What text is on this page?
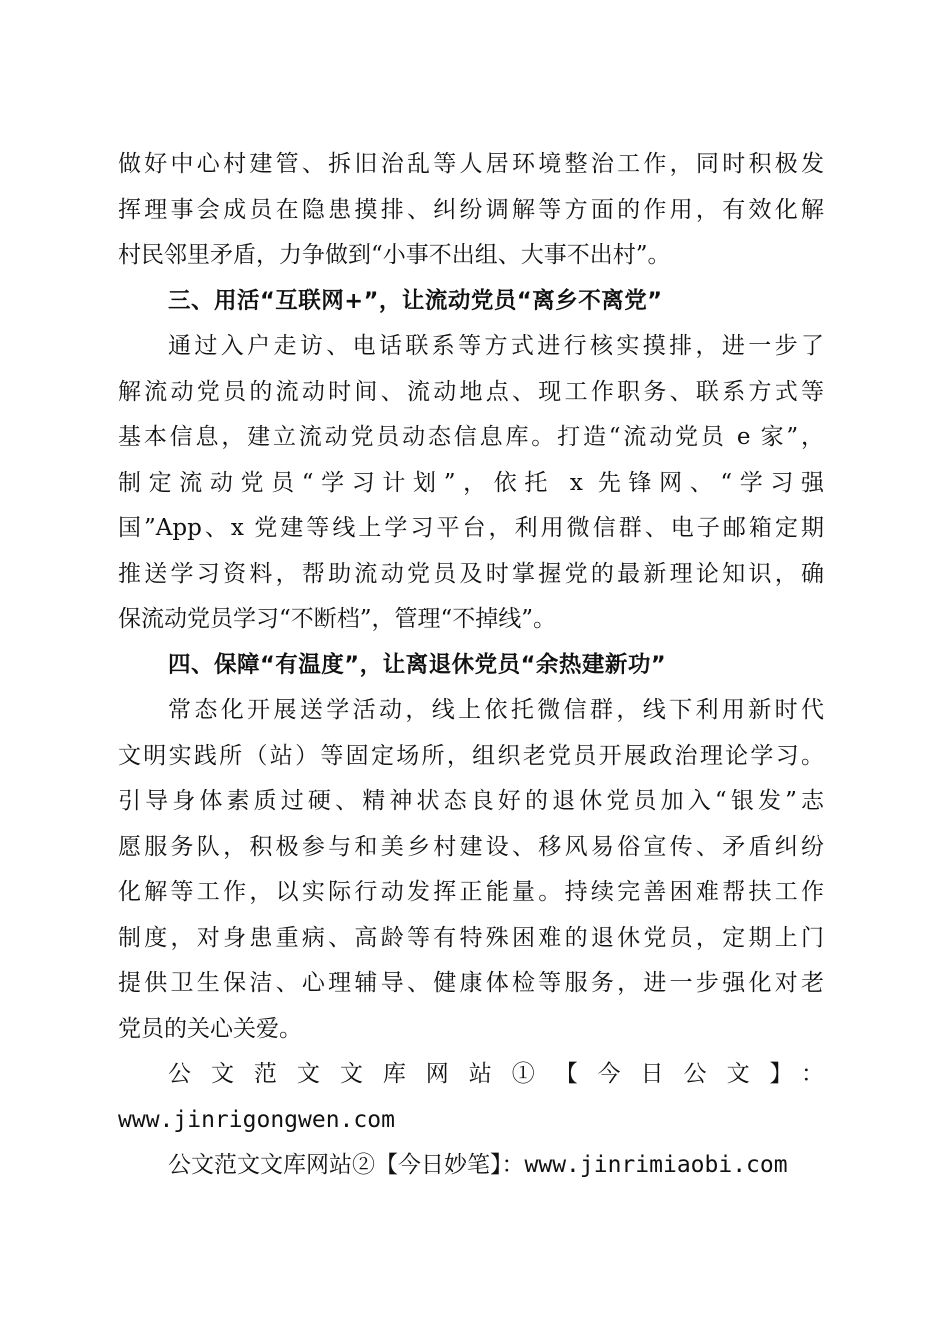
做好中心村建管、拆旧治乱等人居环境整治工作，同时积极发
挥理事会成员在隐患摸排、纠纷调解等方面的作用，有效化解
村民邻里矛盾，力争做到“小事不出组、大事不出村”。
三、用活“互联网+”，让流动党员“离乡不离党”
通过入户走访、电话联系等方式进行核实摸排，进一步了
解流动党员的流动时间、流动地点、现工作职务、联系方式等
基本信息，建立流动党员动态信息库。打造“流动党员 e 家”，
制定流动党员“学习计划”，依托 x 先锋网、“学习强
国”App、x 党建等线上学习平台，利用微信群、电子邮箱定期
推送学习资料，帮助流动党员及时掌握党的最新理论知识，确
保流动党员学习“不断档”，管理“不掉线”。
四、保障“有温度”，让离退休党员“余热建新功”
常态化开展送学活动，线上依托微信群，线下利用新时代
文明实践所（站）等固定场所，组织老党员开展政治理论学习。
引导身体素质过硬、精神状态良好的退休党员加入“银发”志
愿服务队，积极参与和美乡村建设、移风易俗宣传、矛盾纠纷
化解等工作，以实际行动发挥正能量。持续完善困难帮扶工作
制度，对身患重病、高龄等有特殊困难的退休党员，定期上门
提供卫生保洁、心理辅导、健康体检等服务，进一步强化对老
党员的关心关爱。
公文范文文库网站①【今日公文】：
www.jinrigongwen.com
公文范文文库网站②【今日妙笔】：www.jinrimiaobi.com
